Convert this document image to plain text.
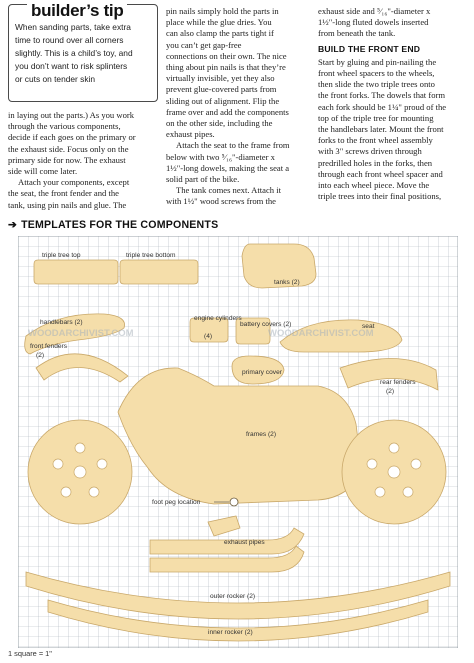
builder’s tip
When sanding parts, take extra
time to round over all corners
slightly. This is a child’s toy, and
you don’t want to risk splinters
or cuts on tender skin

in laying out the parts.) As you work

through the various components,

decide if each goes on the primary or

the exhaust side. Focus only on the

primary side for now. The exhaust

side will come later.

Attach your components, except

the seat, the front fender and the

tank, using pin nails and glue. The

pin nails simply hold the parts in

place while the glue dries. You

can also clamp the parts tight if

you can’t get gap-free

connections on their own. The nice

thing about pin nails is that they’re

virtually invisible, yet they also

prevent glue-covered parts from

sliding out of alignment. Flip the

frame over and add the components

on the other side, including the

exhaust pipes.

Attach the seat to the frame from

below with two ⁵⁄₁₆"-diameter x

1½"-long dowels, making the seat a

solid part of the bike.

The tank comes next. Attach it

with 1½" wood screws from the

exhaust side and ⁵⁄₁₆"-diameter x

1½"-long fluted dowels inserted

from beneath the tank.

BUILD THE FRONT END

Start by gluing and pin-nailing the

front wheel spacers to the wheels,

then slide the two triple trees onto

the front forks. The dowels that form

each fork should be 1¼" proud of the

top of the triple tree for mounting

the handlebars later. Mount the front

forks to the front wheel assembly

with 3" screws driven through

predrilled holes in the forks, then

through each front wheel spacer and

into each wheel piece. Move the

triple trees into their final positions,

➔ TEMPLATES FOR THE COMPONENTS
WOODARCHIVIST.COM	WOODARCHIVIST.COM
triple tree top	triple tree bottom
tanks (2)
handlebars (2)
engine cylinders
(4)
battery covers (2)	seat
front fenders
(2)
primary cover
rear fenders
(2)
frames (2)
foot peg location
exhaust pipes
outer rocker (2)
inner rocker (2)
1 square = 1"
